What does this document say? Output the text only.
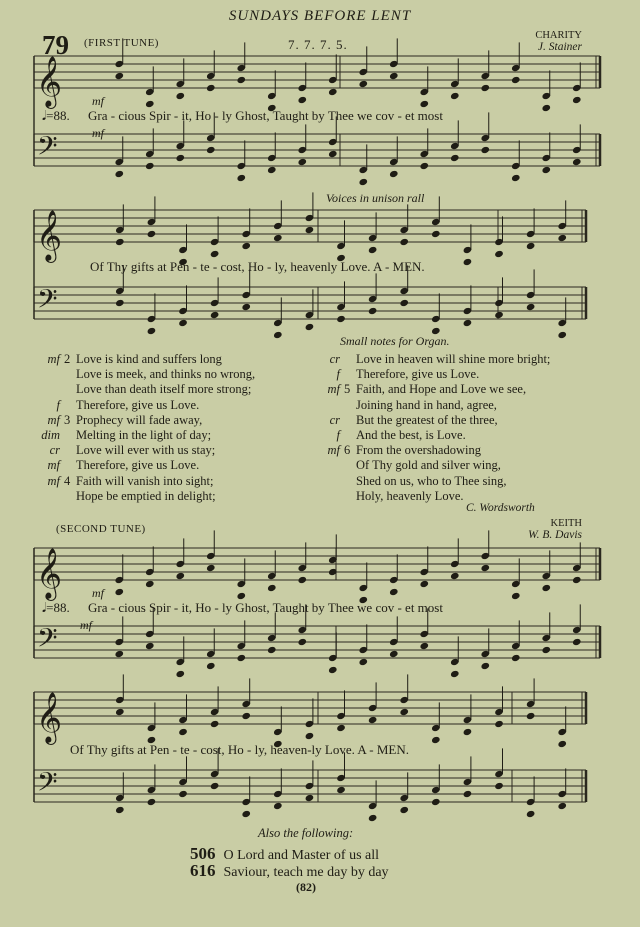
SUNDAYS BEFORE LENT
79 (FIRST TUNE)	7. 7. 7. 5.
CHARITY
J. Stainer
𝄞
𝄢
𝄞
𝄢
𝄞
𝄢
𝄞
𝄢
mf
𝅘𝅥=88. Gra - cious Spir - it, Ho - ly Ghost, Taught by Thee we cov - et most
mf
Voices in unison rall
Of Thy gifts at Pen - te - cost, Ho - ly, heavenly Love. A - MEN.
Small notes for Organ.
mf 2 Love is kind and suffers long
Love is meek, and thinks no wrong,
Love than death itself more strong;
f Therefore, give us Love.
mf 3 Prophecy will fade away,
dim Melting in the light of day;
cr Love will ever with us stay;
mf Therefore, give us Love.
mf 4 Faith will vanish into sight;
Hope be emptied in delight;
cr Love in heaven will shine more bright;
f Therefore, give us Love.
mf 5 Faith, and Hope and Love we see,
Joining hand in hand, agree,
cr But the greatest of the three,
f And the best, is Love.
mf 6 From the overshadowing
Of Thy gold and silver wing,
Shed on us, who to Thee sing,
Holy, heavenly Love.
C. Wordsworth
(SECOND TUNE)	KEITH
W. B. Davis
mf
𝅘𝅥=88. Gra - cious Spir - it, Ho - ly Ghost, Taught by Thee we cov - et most
mf
Of Thy gifts at Pen - te - cost, Ho - ly, heaven-ly Love. A - MEN.
Also the following:
506 O Lord and Master of us all
616 Saviour, teach me day by day
(82)
